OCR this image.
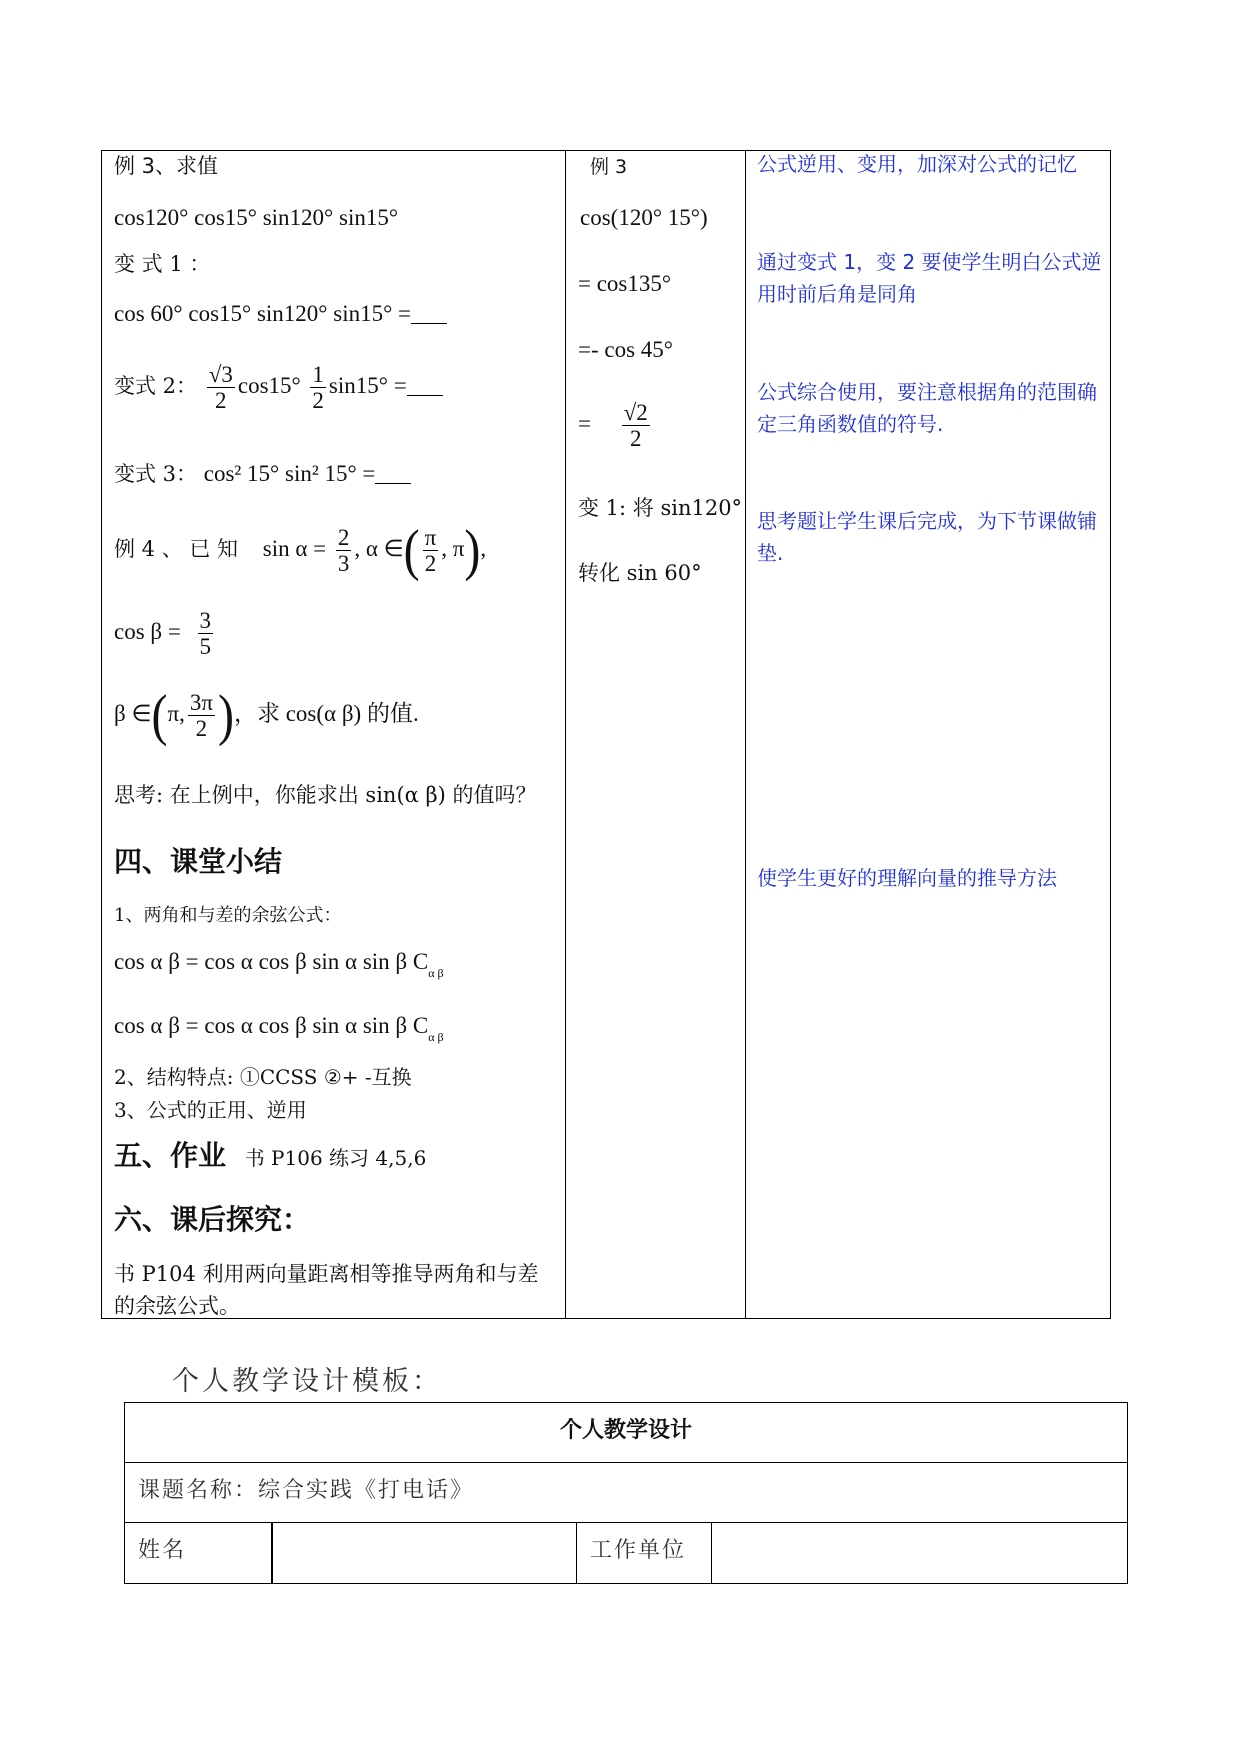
例 3、求值
cos120° cos15° sin120° sin15°
变 式 1 ：
cos 60° cos15° sin120° sin15° =
变式 2： $\frac{√3}{2} \cos 15^\circ \frac{1}{2} \sin 15^\circ$ =
变式 3： cos² 15° sin² 15° =
例 4 、 已 知 $\sin \alpha = \frac{2}{3}$ , α ∈( $\frac{\pi}{2}$ , π),
$\cos \beta = \frac{3}{5}$
β ∈(π, $\frac{3\pi}{2}$ )，求 cos(α β) 的值.
思考: 在上例中，你能求出 sin(α β) 的值吗？
四、课堂小结
1、两角和与差的余弦公式：
cos α β = cos α cos β sin α sin β $C_{\alpha \beta}$
cos α β = cos α cos β sin α sin β $C_{\alpha \beta}$
2、结构特点: ①CCSS ②+ -互换
3、公式的正用、逆用
五、作业 书 P106 练习 4,5,6
六、课后探究：
书 P104 利用两向量距离相等推导两角和与差的余弦公式。
例 3
cos(120° 15°)
= cos135°
=- cos 45°
= $\frac{√2}{2}$
变 1: 将 sin120°
转化 sin 60°
公式逆用、变用，加深对公式的记忆
通过变式 1，变 2 要使学生明白公式逆用时前后角是同角
公式综合使用，要注意根据角的范围确定三角函数值的符号.
思考题让学生课后完成，为下节课做铺垫.
使学生更好的理解向量的推导方法
个人教学设计模板：
个人教学设计
课题名称：综合实践《打电话》
姓名	工作单位
